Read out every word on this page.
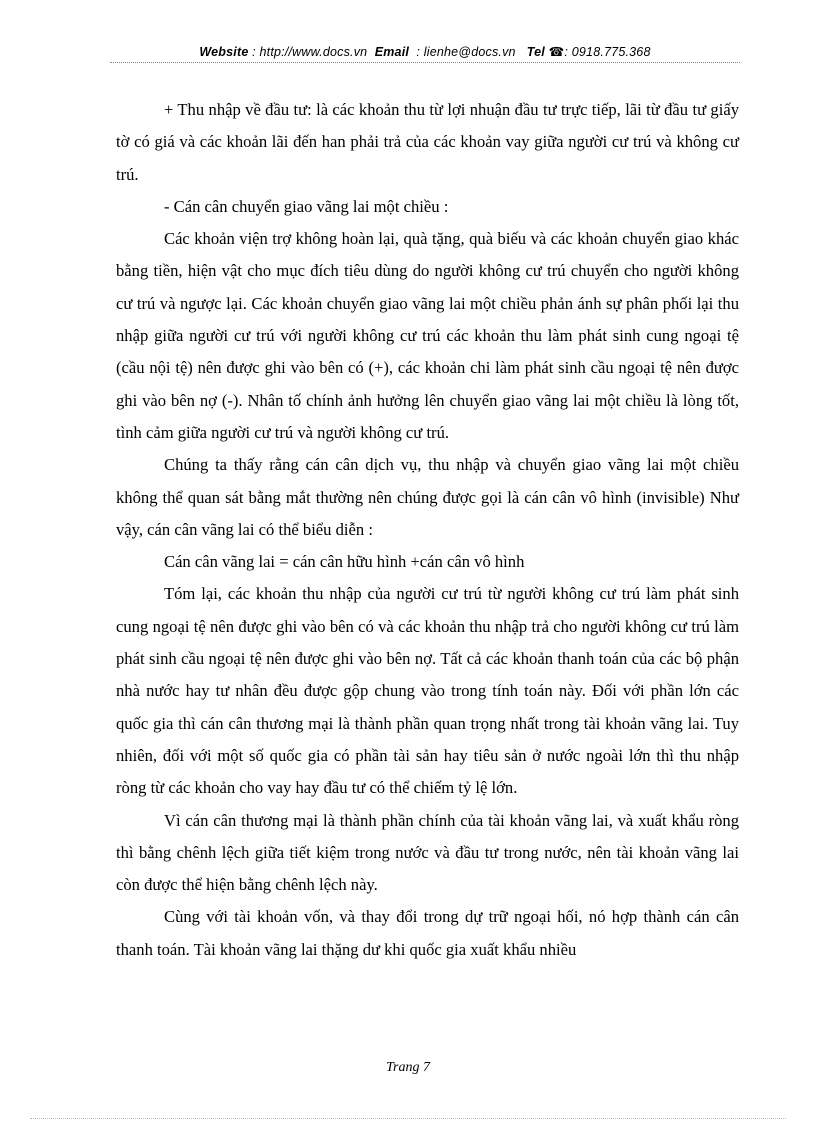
Website : http://www.docs.vn Email  : lienhe@docs.vn Tel ☎: 0918.775.368

+ Thu nhập về đầu tư: là các khoản thu từ lợi nhuận đầu tư trực tiếp, lãi từ đầu tư giấy tờ có giá và các khoản lãi đến han phải trả của các khoản vay giữa người cư trú và không cư trú.

- Cán cân chuyển giao vãng lai một chiều :

Các khoản viện trợ không hoàn lại, quà tặng, quà biếu và các khoản chuyển giao khác bằng tiền, hiện vật cho mục đích tiêu dùng do người không cư trú chuyển cho người không cư trú và ngược lại. Các khoản chuyển giao vãng lai một chiều phản ánh sự phân phối lại thu nhập giữa người cư trú với người không cư trú các khoản thu làm phát sinh cung ngoại tệ (cầu nội tệ) nên được ghi vào bên có (+), các khoản chi làm phát sinh cầu ngoại tệ nên được ghi vào bên nợ (-). Nhân tố chính ảnh hưởng lên chuyển giao vãng lai một chiều là lòng tốt, tình cảm giữa người cư trú và người không cư trú.

Chúng ta thấy rằng cán cân dịch vụ, thu nhập và chuyển giao vãng lai một chiều không thể quan sát bằng mắt thường nên chúng được gọi là cán cân vô hình (invisible) Như vậy, cán cân vãng lai có thể biểu diễn :

Cán cân vãng lai = cán cân hữu hình +cán cân vô hình

Tóm lại, các khoản thu nhập của người cư trú từ người không cư trú làm phát sinh cung ngoại tệ nên được ghi vào bên có và các khoản thu nhập trả cho người không cư trú làm phát sinh cầu ngoại tệ nên được ghi vào bên nợ. Tất cả các khoản thanh toán của các bộ phận nhà nước hay tư nhân đều được gộp chung vào trong tính toán này. Đối với phần lớn các quốc gia thì cán cân thương mại là thành phần quan trọng nhất trong tài khoản vãng lai. Tuy nhiên, đối với một số quốc gia có phần tài sản hay tiêu sản ở nước ngoài lớn thì thu nhập ròng từ các khoản cho vay hay đầu tư có thể chiếm tỷ lệ lớn.

Vì cán cân thương mại là thành phần chính của tài khoản vãng lai, và xuất khẩu ròng thì bằng chênh lệch giữa tiết kiệm trong nước và đầu tư trong nước, nên tài khoản vãng lai còn được thể hiện bằng chênh lệch này.

Cùng với tài khoản vốn, và thay đổi trong dự trữ ngoại hối, nó hợp thành cán cân thanh toán. Tài khoản vãng lai thặng dư khi quốc gia xuất khẩu nhiều

Trang 7
